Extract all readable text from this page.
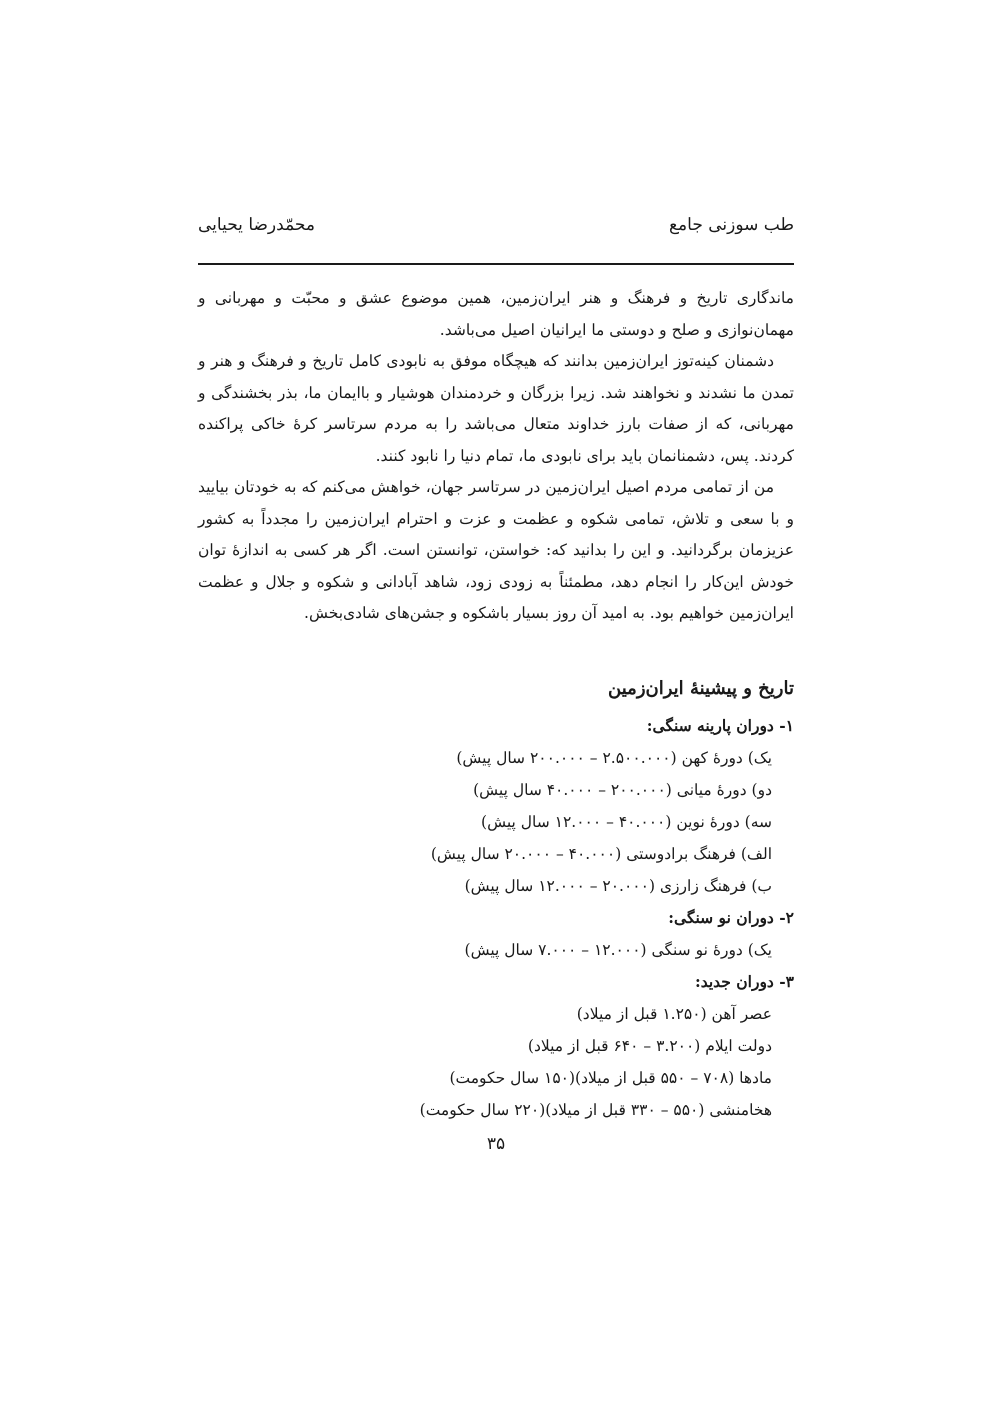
طب سوزنی جامع
محمّدرضا یحیایی

ماندگاری تاریخ و فرهنگ و هنر ایران‌زمین، همین موضوع عشق و محبّت و مهربانی و مهمان‌نوازی و صلح و دوستی ما ایرانیان اصیل می‌باشد.

دشمنان کینه‌توز ایران‌زمین بدانند که هیچگاه موفق به نابودی کامل تاریخ و فرهنگ و هنر و تمدن ما نشدند و نخواهند شد. زیرا بزرگان و خردمندان هوشیار و باایمان ما، بذر بخشندگی و مهربانی، که از صفات بارز خداوند متعال می‌باشد را به مردم سرتاسر کرۀ خاکی پراکنده کردند. پس، دشمنانمان باید برای نابودی ما، تمام دنیا را نابود کنند.

من از تمامی مردم اصیل ایران‌زمین در سرتاسر جهان، خواهش می‌کنم که به خودتان بیایید و با سعی و تلاش، تمامی شکوه و عظمت و عزت و احترام ایران‌زمین را مجدداً به کشور عزیزمان برگردانید. و این را بدانید که: خواستن، توانستن است. اگر هر کسی به اندازۀ توان خودش این‌کار را انجام دهد، مطمئناً به زودی زود، شاهد آبادانی و شکوه و جلال و عظمت ایران‌زمین خواهیم بود. به امید آن روز بسیار باشکوه و جشن‌های شادی‌بخش.

تاریخ و پیشینۀ ایران‌زمین

۱- دوران پارینه سنگی:

یک) دورۀ کهن (۲.۵۰۰.۰۰۰ – ۲۰۰.۰۰۰ سال پیش)

دو) دورۀ میانی (۲۰۰.۰۰۰ – ۴۰.۰۰۰ سال پیش)

سه) دورۀ نوین (۴۰.۰۰۰ – ۱۲.۰۰۰ سال پیش)

الف) فرهنگ برادوستی (۴۰.۰۰۰ – ۲۰.۰۰۰ سال پیش)

ب) فرهنگ زارزی (۲۰.۰۰۰ – ۱۲.۰۰۰ سال پیش)

۲- دوران نو سنگی:

یک) دورۀ نو سنگی (۱۲.۰۰۰ – ۷.۰۰۰ سال پیش)

۳- دوران جدید:

عصر آهن (۱.۲۵۰ قبل از میلاد)

دولت ایلام (۳.۲۰۰ – ۶۴۰ قبل از میلاد)

مادها (۷۰۸ – ۵۵۰ قبل از میلاد)(۱۵۰ سال حکومت)

هخامنشی (۵۵۰ – ۳۳۰ قبل از میلاد)(۲۲۰ سال حکومت)

۳۵
